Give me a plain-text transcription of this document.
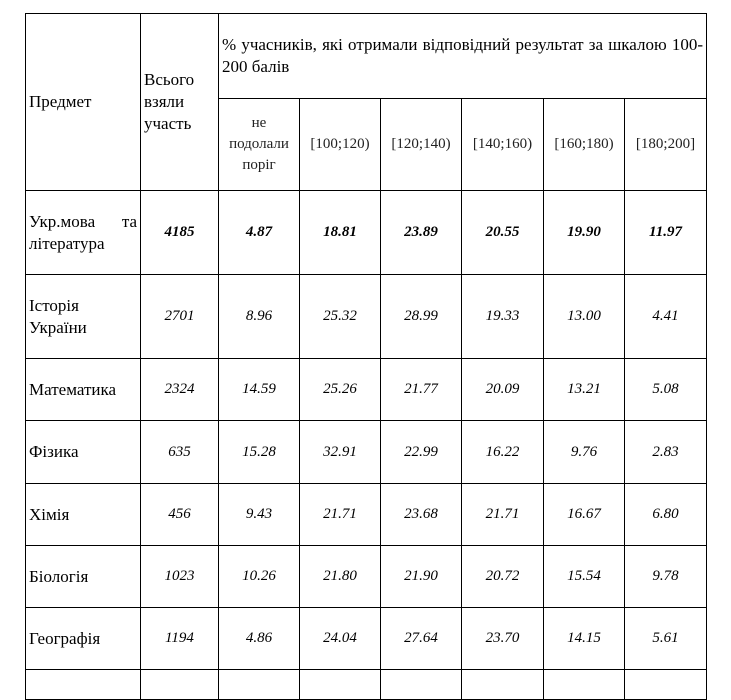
Предмет	Всього взяли участь	% учасників, які отримали відповідний результат за шкалою 100-200 балів					
		не подолали поріг	[100;120)	[120;140)	[140;160)	[160;180)	[180;200]
Укр.мова та література	4185	4.87	18.81	23.89	20.55	19.90	11.97
Історія України	2701	8.96	25.32	28.99	19.33	13.00	4.41
Математика	2324	14.59	25.26	21.77	20.09	13.21	5.08
Фізика	635	15.28	32.91	22.99	16.22	9.76	2.83
Хімія	456	9.43	21.71	23.68	21.71	16.67	6.80
Біологія	1023	10.26	21.80	21.90	20.72	15.54	9.78
Географія	1194	4.86	24.04	27.64	23.70	14.15	5.61
